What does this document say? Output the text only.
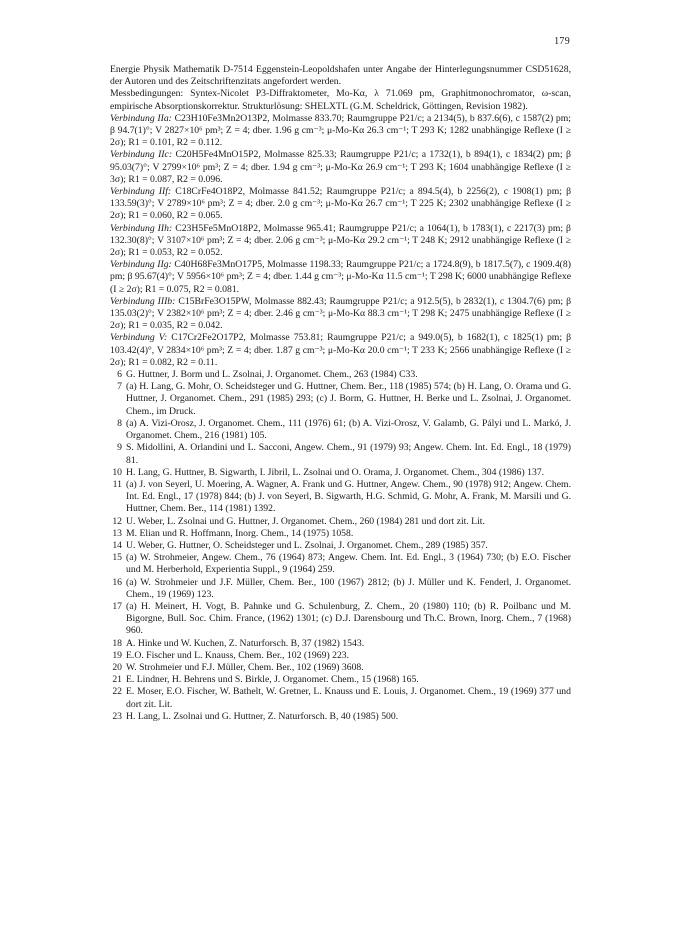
179

Energie Physik Mathematik D-7514 Eggenstein-Leopoldshafen unter Angabe der Hinterlegungsnummer CSD51628, der Autoren und des Zeitschriftenzitats angefordert werden.

Messbedingungen: Syntex-Nicolet P3-Diffraktometer, Mo-Kα, λ 71.069 pm, Graphitmonochromator, ω-scan, empirische Absorptionskorrektur. Strukturlösung: SHELXTL (G.M. Scheldrick, Göttingen, Revision 1982).

Verbindung IIa: C23H10Fe3Mn2O13P2, Molmasse 833.70; Raumgruppe P21/c; a 2134(5), b 837.6(6), c 1587(2) pm; β 94.7(1)°; V 2827×10⁶ pm³; Z = 4; dber. 1.96 g cm⁻³; μ-Mo-Kα 26.3 cm⁻¹; T 293 K; 1282 unabhängige Reflexe (I ≥ 2σ); R1 = 0.101, R2 = 0.112.

Verbindung IIc: C20H5Fe4MnO15P2, Molmasse 825.33; Raumgruppe P21/c; a 1732(1), b 894(1), c 1834(2) pm; β 95.03(7)°; V 2799×10⁶ pm³; Z = 4; dber. 1.94 g cm⁻³; μ-Mo-Kα 26.9 cm⁻¹; T 293 K; 1604 unabhängige Reflexe (I ≥ 3σ); R1 = 0.087, R2 = 0.096.

Verbindung IIf: C18CrFe4O18P2, Molmasse 841.52; Raumgruppe P21/c; a 894.5(4), b 2256(2), c 1908(1) pm; β 133.59(3)°; V 2789×10⁶ pm³; Z = 4; dber. 2.0 g cm⁻³; μ-Mo-Kα 26.7 cm⁻¹; T 225 K; 2302 unabhängige Reflexe (I ≥ 2σ); R1 = 0.060, R2 = 0.065.

Verbindung IIh: C23H5Fe5MnO18P2, Molmasse 965.41; Raumgruppe P21/c; a 1064(1), b 1783(1), c 2217(3) pm; β 132.30(8)°; V 3107×10⁶ pm³; Z = 4; dber. 2.06 g cm⁻³; μ-Mo-Kα 29.2 cm⁻¹; T 248 K; 2912 unabhängige Reflexe (I ≥ 2σ); R1 = 0.053, R2 = 0.052.

Verbindung IIg: C40H68Fe3MnO17P5, Molmasse 1198.33; Raumgruppe P21/c; a 1724.8(9), b 1817.5(7), c 1909.4(8) pm; β 95.67(4)°; V 5956×10⁶ pm³; Z = 4; dber. 1.44 g cm⁻³; μ-Mo-Kα 11.5 cm⁻¹; T 298 K; 6000 unabhängige Reflexe (I ≥ 2σ); R1 = 0.075, R2 = 0.081.

Verbindung IIIb: C15BrFe3O15PW, Molmasse 882.43; Raumgruppe P21/c; a 912.5(5), b 2832(1), c 1304.7(6) pm; β 135.03(2)°; V 2382×10⁶ pm³; Z = 4; dber. 2.46 g cm⁻³; μ-Mo-Kα 88.3 cm⁻¹; T 298 K; 2475 unabhängige Reflexe (I ≥ 2σ); R1 = 0.035, R2 = 0.042.

Verbindung V: C17Cr2Fe2O17P2, Molmasse 753.81; Raumgruppe P21/c; a 949.0(5), b 1682(1), c 1825(1) pm; β 103.42(4)°, V 2834×10⁶ pm³; Z = 4; dber. 1.87 g cm⁻³; μ-Mo-Kα 20.0 cm⁻¹; T 233 K; 2566 unabhängige Reflexe (I ≥ 2σ); R1 = 0.082, R2 = 0.11.

6 G. Huttner, J. Borm und L. Zsolnai, J. Organomet. Chem., 263 (1984) C33.
7 (a) H. Lang, G. Mohr, O. Scheidsteger und G. Huttner, Chem. Ber., 118 (1985) 574; (b) H. Lang, O. Orama und G. Huttner, J. Organomet. Chem., 291 (1985) 293; (c) J. Borm, G. Huttner, H. Berke und L. Zsolnai, J. Organomet. Chem., im Druck.
8 (a) A. Vizi-Orosz, J. Organomet. Chem., 111 (1976) 61; (b) A. Vizi-Orosz, V. Galamb, G. Pályi und L. Markó, J. Organomet. Chem., 216 (1981) 105.
9 S. Midollini, A. Orlandini und L. Sacconi, Angew. Chem., 91 (1979) 93; Angew. Chem. Int. Ed. Engl., 18 (1979) 81.
10 H. Lang, G. Huttner, B. Sigwarth, I. Jibril, L. Zsolnai und O. Orama, J. Organomet. Chem., 304 (1986) 137.
11 (a) J. von Seyerl, U. Moering, A. Wagner, A. Frank und G. Huttner, Angew. Chem., 90 (1978) 912; Angew. Chem. Int. Ed. Engl., 17 (1978) 844; (b) J. von Seyerl, B. Sigwarth, H.G. Schmid, G. Mohr, A. Frank, M. Marsili und G. Huttner, Chem. Ber., 114 (1981) 1392.
12 U. Weber, L. Zsolnai und G. Huttner, J. Organomet. Chem., 260 (1984) 281 und dort zit. Lit.
13 M. Elian und R. Hoffmann, Inorg. Chem., 14 (1975) 1058.
14 U. Weber, G. Huttner, O. Scheidsteger und L. Zsolnai, J. Organomet. Chem., 289 (1985) 357.
15 (a) W. Strohmeier, Angew. Chem., 76 (1964) 873; Angew. Chem. Int. Ed. Engl., 3 (1964) 730; (b) E.O. Fischer und M. Herberhold, Experientia Suppl., 9 (1964) 259.
16 (a) W. Strohmeier und J.F. Müller, Chem. Ber., 100 (1967) 2812; (b) J. Müller und K. Fenderl, J. Organomet. Chem., 19 (1969) 123.
17 (a) H. Meinert, H. Vogt, B. Pahnke und G. Schulenburg, Z. Chem., 20 (1980) 110; (b) R. Poilbanc und M. Bigorgne, Bull. Soc. Chim. France, (1962) 1301; (c) D.J. Darensbourg und Th.C. Brown, Inorg. Chem., 7 (1968) 960.
18 A. Hinke und W. Kuchen, Z. Naturforsch. B, 37 (1982) 1543.
19 E.O. Fischer und L. Knauss, Chem. Ber., 102 (1969) 223.
20 W. Strohmeier und F.J. Müller, Chem. Ber., 102 (1969) 3608.
21 E. Lindner, H. Behrens und S. Birkle, J. Organomet. Chem., 15 (1968) 165.
22 E. Moser, E.O. Fischer, W. Bathelt, W. Gretner, L. Knauss und E. Louis, J. Organomet. Chem., 19 (1969) 377 und dort zit. Lit.
23 H. Lang, L. Zsolnai und G. Huttner, Z. Naturforsch. B, 40 (1985) 500.
